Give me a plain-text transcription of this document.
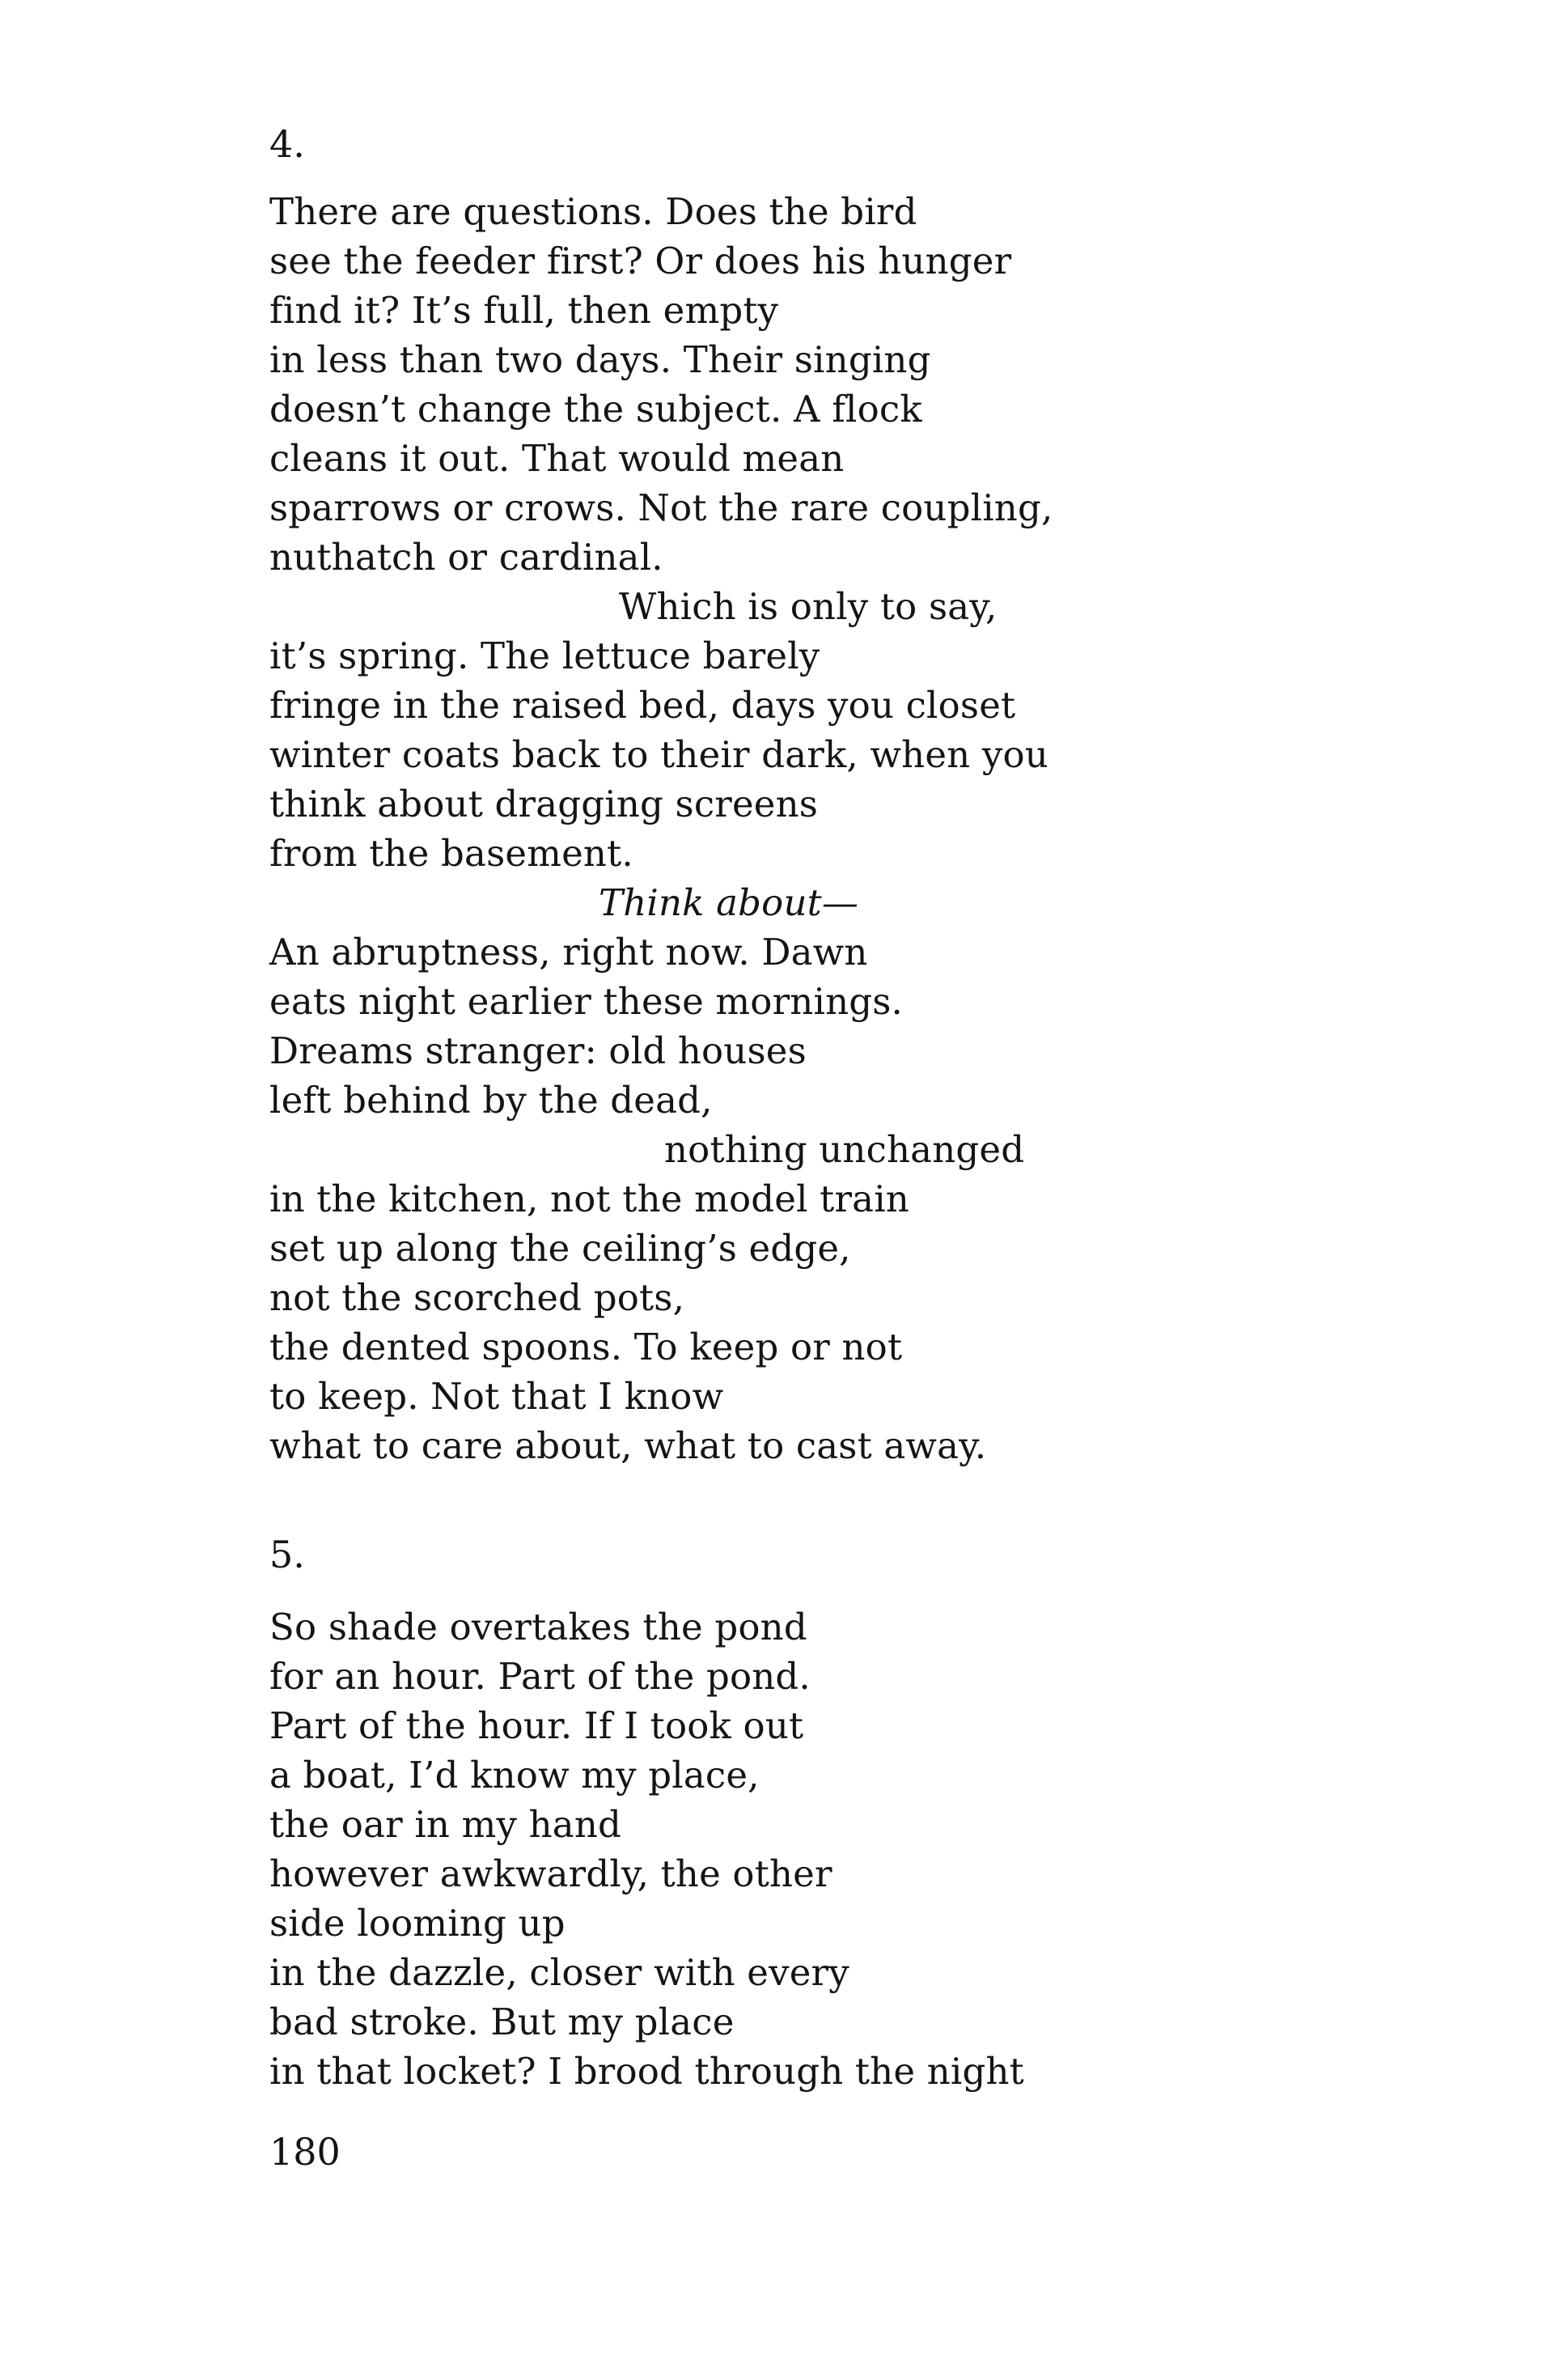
4.

There are questions. Does the bird
see the feeder first? Or does his hunger
find it? It’s full, then empty
in less than two days. Their singing
doesn’t change the subject. A flock
cleans it out. That would mean
sparrows or crows. Not the rare coupling,
nuthatch or cardinal.
Which is only to say,
it’s spring. The lettuce barely
fringe in the raised bed, days you closet
winter coats back to their dark, when you
think about dragging screens
from the basement.
Think about—
An abruptness, right now. Dawn
eats night earlier these mornings.
Dreams stranger: old houses
left behind by the dead,
nothing unchanged
in the kitchen, not the model train
set up along the ceiling’s edge,
not the scorched pots,
the dented spoons. To keep or not
to keep. Not that I know
what to care about, what to cast away.

5.

So shade overtakes the pond
for an hour. Part of the pond.
Part of the hour. If I took out
a boat, I’d know my place,
the oar in my hand
however awkwardly, the other
side looming up
in the dazzle, closer with every
bad stroke. But my place
in that locket? I brood through the night

180
